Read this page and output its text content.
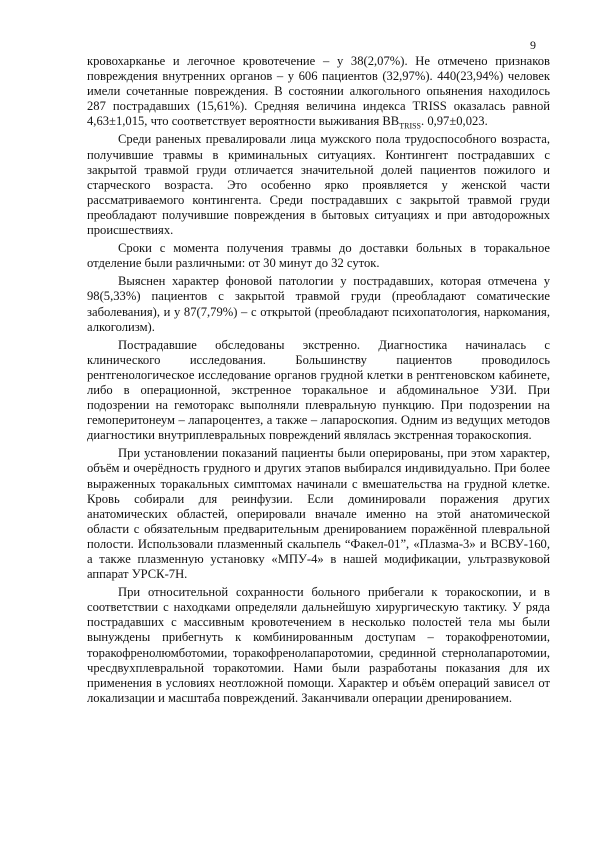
9

кровохарканье и легочное кровотечение – у 38(2,07%). Не отмечено признаков повреждения внутренних органов – у 606 пациентов (32,97%). 440(23,94%) человек имели сочетанные повреждения. В состоянии алкогольного опьянения находилось 287 пострадавших (15,61%). Средняя величина индекса TRISS оказалась равной 4,63±1,015, что соответствует вероятности выживания $ВВ_{TRISS}$. 0,97±0,023.

Среди раненых превалировали лица мужского пола трудоспособного возраста, получившие травмы в криминальных ситуациях. Контингент пострадавших с закрытой травмой груди отличается значительной долей пациентов пожилого и старческого возраста. Это особенно ярко проявляется у женской части рассматриваемого контингента. Среди пострадавших с закрытой травмой груди преобладают получившие повреждения в бытовых ситуациях и при автодорожных происшествиях.

Сроки с момента получения травмы до доставки больных в торакальное отделение были различными: от 30 минут до 32 суток.

Выяснен характер фоновой патологии у пострадавших, которая отмечена у 98(5,33%) пациентов с закрытой травмой груди (преобладают соматические заболевания), и у 87(7,79%) – с открытой (преобладают психопатология, наркомания, алкоголизм).

Пострадавшие обследованы экстренно. Диагностика начиналась с клинического исследования. Большинству пациентов проводилось рентгенологическое исследование органов грудной клетки в рентгеновском кабинете, либо в операционной, экстренное торакальное и абдоминальное УЗИ. При подозрении на гемоторакс выполняли плевральную пункцию. При подозрении на гемоперитонеум – лапароцентез, а также – лапароскопия. Одним из ведущих методов диагностики внутриплевральных повреждений являлась экстренная торакоскопия.

При установлении показаний пациенты были оперированы, при этом характер, объём и очерёдность грудного и других этапов выбирался индивидуально. При более выраженных торакальных симптомах начинали с вмешательства на грудной клетке. Кровь собирали для реинфузии. Если доминировали поражения других анатомических областей, оперировали вначале именно на этой анатомической области с обязательным предварительным дренированием поражённой плевральной полости. Использовали плазменный скальпель “Факел-01”, «Плазма-3» и ВСВУ-160, а также плазменную установку «МПУ-4» в нашей модификации, ультразвуковой аппарат УРСК-7Н.

При относительной сохранности больного прибегали к торакоскопии, и в соответствии с находками определяли дальнейшую хирургическую тактику. У ряда пострадавших с массивным кровотечением в несколько полостей тела мы были вынуждены прибегнуть к комбинированным доступам – торакофренотомии, торакофренолюмботомии, торакофренолапаротомии, срединной стернолапаротомии, чресдвухплевральной торакотомии. Нами были разработаны показания для их применения в условиях неотложной помощи. Характер и объём операций зависел от локализации и масштаба повреждений. Заканчивали операции дренированием.
